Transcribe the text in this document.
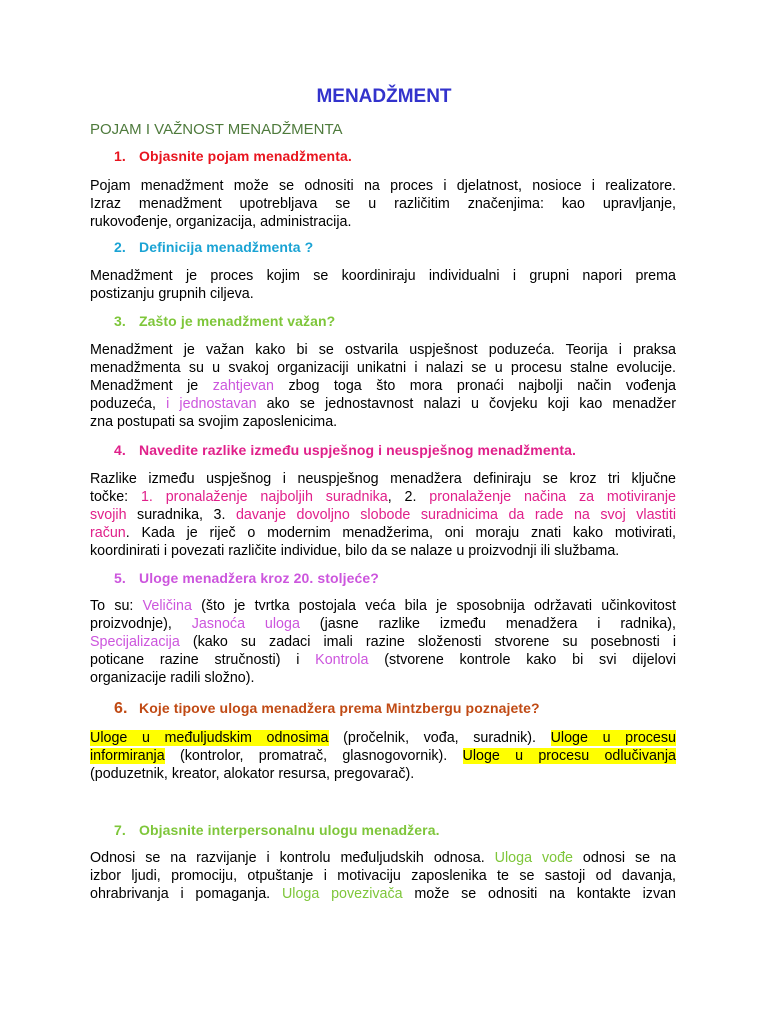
MENADŽMENT
POJAM I VAŽNOST MENADŽMENTA
1. Objasnite pojam menadžmenta.
Pojam menadžment može se odnositi na proces i djelatnost, nosioce i realizatore.
Izraz menadžment upotrebljava se u različitim značenjima: kao upravljanje,
rukovođenje, organizacija, administracija.
2. Definicija menadžmenta ?
Menadžment je proces kojim se koordiniraju individualni i grupni napori prema
postizanju grupnih ciljeva.
3. Zašto je menadžment važan?
Menadžment je važan kako bi se ostvarila uspješnost poduzeća. Teorija i praksa
menadžmenta su u svakoj organizaciji unikatni i nalazi se u procesu stalne evolucije.
Menadžment je zahtjevan zbog toga što mora pronaći najbolji način vođenja
poduzeća, i jednostavan ako se jednostavnost nalazi u čovjeku koji kao menadžer
zna postupati sa svojim zaposlenicima.
4. Navedite razlike između uspješnog i neuspješnog menadžmenta.
Razlike između uspješnog i neuspješnog menadžera definiraju se kroz tri ključne
točke: 1. pronalaženje najboljih suradnika, 2. pronalaženje načina za motiviranje
svojih suradnika, 3. davanje dovoljno slobode suradnicima da rade na svoj vlastiti
račun. Kada je riječ o modernim menadžerima, oni moraju znati kako motivirati,
koordinirati i povezati različite individue, bilo da se nalaze u proizvodnji ili službama.
5. Uloge menadžera kroz 20. stoljeće?
To su: Veličina (što je tvrtka postojala veća bila je sposobnija održavati učinkovitost
proizvodnje), Jasnoća uloga (jasne razlike između menadžera i radnika),
Specijalizacija (kako su zadaci imali razine složenosti stvorene su posebnosti i
poticane razine stručnosti) i Kontrola (stvorene kontrole kako bi svi dijelovi
organizacije radili složno).
6. Koje tipove uloga menadžera prema Mintzbergu poznajete?
Uloge u međuljudskim odnosima (pročelnik, vođa, suradnik). Uloge u procesu
informiranja (kontrolor, promatrač, glasnogovornik). Uloge u procesu odlučivanja
(poduzetnik, kreator, alokator resursa, pregovarač).
7. Objasnite interpersonalnu ulogu menadžera.
Odnosi se na razvijanje i kontrolu međuljudskih odnosa. Uloga vođe odnosi se na
izbor ljudi, promociju, otpuštanje i motivaciju zaposlenika te se sastoji od davanja,
ohrabrivanja i pomaganja. Uloga povezivača može se odnositi na kontakte izvan
